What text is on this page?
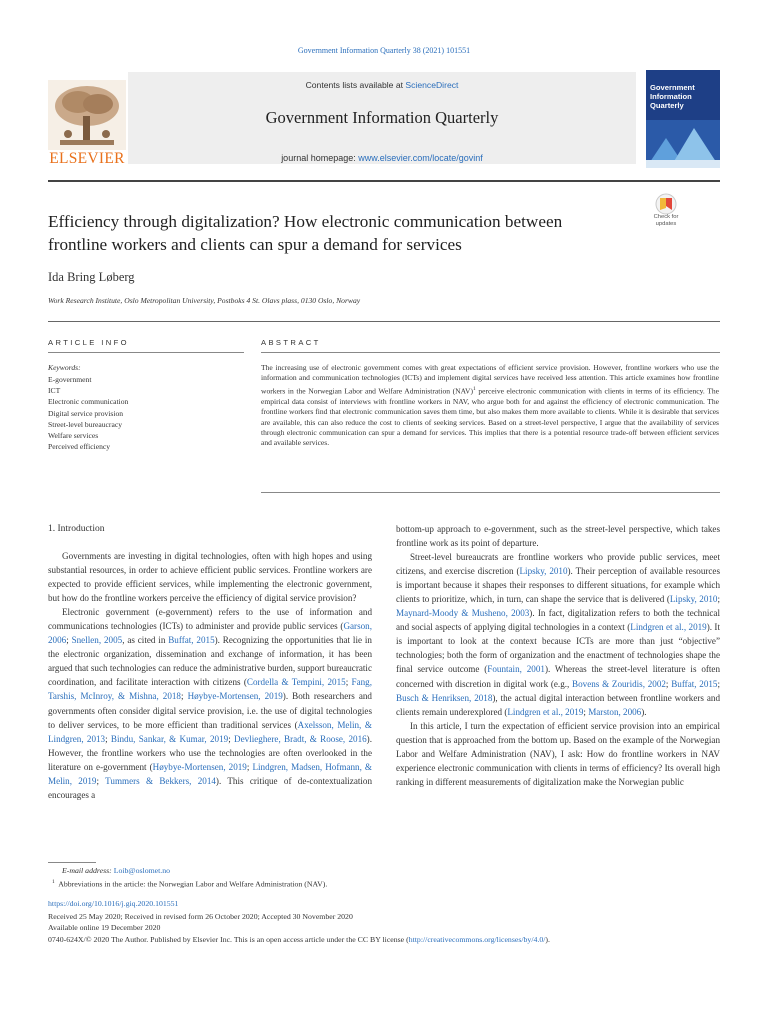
Government Information Quarterly 38 (2021) 101551
ELSEVIER
Contents lists available at ScienceDirect
Government Information Quarterly
journal homepage: www.elsevier.com/locate/govinf
Government
Information
Quarterly
Efficiency through digitalization? How electronic communication between
frontline workers and clients can spur a demand for services
Check for
updates
Ida Bring Løberg
Work Research Institute, Oslo Metropolitan University, Postboks 4 St. Olavs plass, 0130 Oslo, Norway
ARTICLE INFO
Keywords:
E-government
ICT
Electronic communication
Digital service provision
Street-level bureaucracy
Welfare services
Perceived efficiency
ABSTRACT
The increasing use of electronic government comes with great expectations of efficient service provision. However, frontline workers who use the information and communication technologies (ICTs) and implement digital services have received less attention. This article examines how frontline workers in the Norwegian Labor and Welfare Administration (NAV)$^1$ perceive electronic communication with clients in terms of its efficiency. The empirical data consist of interviews with frontline workers in NAV, who argue both for and against the efficiency of electronic communication. The frontline workers find that electronic communication saves them time, but also makes them more available to clients. While it is desirable that services are available, this can also reduce the cost to clients of seeking services. Based on a street-level perspective, I argue that the availability of services through electronic communication can spur a demand for services. This implies that there is a potential resource trade-off between efficient services and available services.
1. Introduction

Governments are investing in digital technologies, often with high hopes and using substantial resources, in order to achieve efficient public services. Frontline workers are expected to provide efficient services, while implementing the electronic government, but how do the frontline workers perceive the efficiency of digital service provision?

Electronic government (e-government) refers to the use of information and communications technologies (ICTs) to administer and provide public services (Garson, 2006; Snellen, 2005, as cited in Buffat, 2015). Recognizing the opportunities that lie in the electronic organization, dissemination and exchange of information, it has been argued that such technologies can reduce the administrative burden, support bureaucratic coordination, and facilitate interaction with citizens (Cordella & Tempini, 2015; Fang, Tarshis, McInroy, & Mishna, 2018; Høybye-Mortensen, 2019). Both researchers and governments often consider digital service provision, i.e. the use of digital technologies to deliver services, to be more efficient than traditional services (Axelsson, Melin, & Lindgren, 2013; Bindu, Sankar, & Kumar, 2019; Devlieghere, Bradt, & Roose, 2016). However, the frontline workers who use the technologies are often overlooked in the literature on e-government (Høybye-Mortensen, 2019; Lindgren, Madsen, Hofmann, & Melin, 2019; Tummers & Bekkers, 2014). This critique of de-contextualization encourages a

bottom-up approach to e-government, such as the street-level perspective, which takes frontline work as its point of departure.

Street-level bureaucrats are frontline workers who provide public services, meet citizens, and exercise discretion (Lipsky, 2010). Their perception of available resources is important because it shapes their responses to different situations, for example which clients to prioritize, which, in turn, can shape the service that is delivered (Lipsky, 2010; Maynard-Moody & Musheno, 2003). In fact, digitalization refers to both the technical and social aspects of applying digital technologies in a context (Lindgren et al., 2019). It is important to look at the context because ICTs are more than just “objective” technologies; both the form of organization and the enactment of technologies shape the final service outcome (Fountain, 2001). Whereas the street-level literature is often concerned with discretion in digital work (e.g., Bovens & Zouridis, 2002; Buffat, 2015; Busch & Henriksen, 2018), the actual digital interaction between frontline workers and clients remain underexplored (Lindgren et al., 2019; Marston, 2006).

In this article, I turn the expectation of efficient service provision into an empirical question that is approached from the bottom up. Based on the example of the Norwegian Labor and Welfare Administration (NAV), I ask: How do frontline workers in NAV experience electronic communication with clients in terms of efficiency? Its overall high ranking in different measurements of digitalization make the Norwegian public

E-mail address: Loib@oslomet.no
$^1$ Abbreviations in the article: the Norwegian Labor and Welfare Administration (NAV).
https://doi.org/10.1016/j.giq.2020.101551
Received 25 May 2020; Received in revised form 26 October 2020; Accepted 30 November 2020
Available online 19 December 2020
0740-624X/© 2020 The Author. Published by Elsevier Inc. This is an open access article under the CC BY license (http://creativecommons.org/licenses/by/4.0/).
